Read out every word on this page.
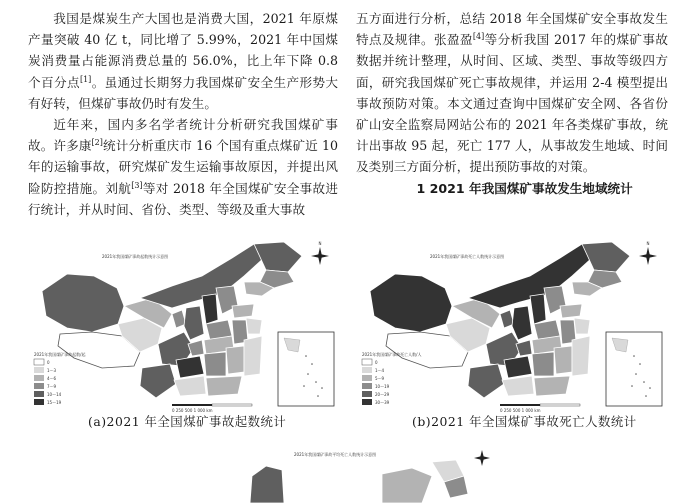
我国是煤炭生产大国也是消费大国，2021 年原煤产量突破 40 亿 t，同比增了 5.99%，2021 年中国煤炭消费量占能源消费总量的 56.0%，比上年下降 0.8 个百分点[1]。虽通过长期努力我国煤矿安全生产形势大有好转，但煤矿事故仍时有发生。

近年来，国内多名学者统计分析研究我国煤矿事故。许多康[2]统计分析重庆市 16 个国有重点煤矿近 10 年的运输事故，研究煤矿发生运输事故原因，并提出风险防控措施。刘航[3]等对 2018 年全国煤矿安全事故进行统计，并从时间、省份、类型、等级及重大事故

五方面进行分析，总结 2018 年全国煤矿安全事故发生特点及规律。张盈盈[4]等分析我国 2017 年的煤矿事故数据并统计整理，从时间、区域、类型、事故等级四方面，研究我国煤矿死亡事故规律，并运用 2-4 模型提出事故预防对策。本文通过查询中国煤矿安全网、各省份矿山安全监察局网站公布的 2021 年各类煤矿事故，统计出事故 95 起，死亡 177 人，从事故发生地域、时间及类别三方面分析，提出预防事故的对策。

1 2021 年我国煤矿事故发生地域统计

2021年我国煤矿事故起数统计示意图
N
2021年我国煤矿事故起数/起
0
1～3
4～6
7～9
10～14
15～19
0 250 500 1 000 km
2021年我国煤矿事故死亡人数统计示意图
N
2021年我国煤矿事故死亡人数/人
0
1～4
5～9
10～19
20～29
30～39
0 250 500 1 000 km
(a)2021 年全国煤矿事故起数统计	(b)2021 年全国煤矿事故死亡人数统计
2021年我国煤矿事故平均死亡人数统计示意图
